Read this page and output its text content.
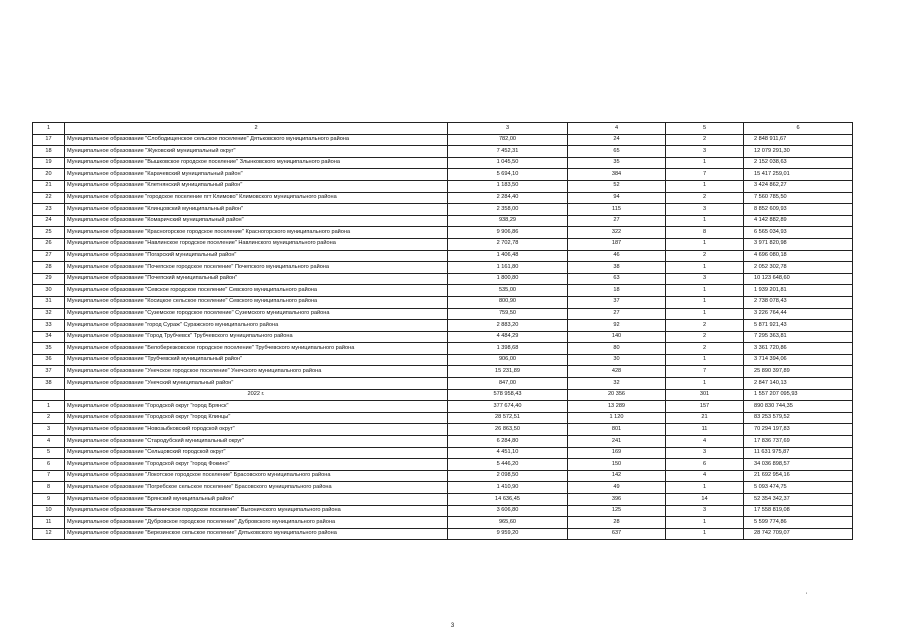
1	2	3	4	5	6
17	Муниципальное образование "Слободищенское сельское поселение" Дятьковского муниципального района	782,00	24	2	2 848 911,67
18	Муниципальное образование "Жуковский муниципальный округ"	7 452,31	65	3	12 079 291,30
19	Муниципальное образование "Вышковское городское поселение" Злынковского муниципального района	1 045,50	35	1	2 152 038,63
20	Муниципальное образование "Карачевский муниципальный район"	5 694,10	384	7	15 417 259,01
21	Муниципальное образование "Клетнянский муниципальный район"	1 183,50	52	1	3 424 862,27
22	Муниципальное образование "городское поселение пгт Климово" Климовского муниципального района	2 284,40	94	2	7 560 785,50
23	Муниципальное образование "Клинцовский муниципальный район"	2 358,00	115	3	8 852 609,93
24	Муниципальное образование "Комаричский муниципальный район"	938,29	27	1	4 142 882,89
25	Муниципальное образование "Красногорское городское поселение" Красногорского муниципального района	9 906,86	322	8	6 565 034,93
26	Муниципальное образование "Навлинское городское поселение" Навлинского муниципального района	2 702,78	187	1	3 971 820,98
27	Муниципальное образование "Погарский муниципальный район"	1 406,48	46	2	4 696 080,18
28	Муниципальное образование "Почепское городское поселение" Почепского муниципального района	1 161,80	38	1	2 052 302,78
29	Муниципальное образование "Почепский муниципальный район"	1 800,80	63	3	10 123 648,60
30	Муниципальное образование "Севское городское поселение" Севского муниципального района	535,00	18	1	1 939 201,81
31	Муниципальное образование "Косицкое сельское поселение" Севского муниципального района	800,90	37	1	2 738 078,43
32	Муниципальное образование "Суземское городское поселение" Суземского муниципального района	759,50	27	1	3 226 764,44
33	Муниципальное образование "город Сураж" Суражского муниципального района	2 883,20	92	2	5 871 921,43
34	Муниципальное образование "Город Трубчевск" Трубчевского муниципального района	4 484,29	140	2	7 295 363,81
35	Муниципальное образование "Белоберезковское городское поселение" Трубчевского муниципального района	1 398,68	80	2	3 361 720,86
36	Муниципальное образование "Трубчевский муниципальный район"	906,00	30	1	3 714 394,06
37	Муниципальное образование "Унечское городское поселение" Унечского муниципального района	15 231,89	428	7	25 890 397,89
38	Муниципальное образование "Унечский муниципальный район"	847,00	32	1	2 847 140,13
	2022 г.	578 958,43	20 356	301	1 557 207 095,93
1	Муниципальное образование "Городской округ "город Брянск"	377 674,40	13 289	157	890 830 744,35
2	Муниципальное образование "Городской округ "город Клинцы"	28 572,51	1 120	21	83 253 579,52
3	Муниципальное образование "Новозыбковский городской округ"	26 863,50	801	11	70 294 197,83
4	Муниципальное образование "Стародубский муниципальный округ"	6 284,80	241	4	17 836 737,69
5	Муниципальное образование "Сельцовский городской округ"	4 451,10	169	3	11 631 975,87
6	Муниципальное образование "Городской округ "город Фокино"	5 446,20	150	6	34 036 898,57
7	Муниципальное образование "Локотское городское поселение" Брасовского муниципального района	2 098,50	142	4	21 692 954,16
8	Муниципальное образование "Погребское сельское поселение" Брасовского муниципального района	1 410,90	49	1	5 093 474,75
9	Муниципальное образование "Брянский муниципальный район"	14 636,45	396	14	52 354 342,37
10	Муниципальное образование "Выгоничское городское поселение" Выгоничского муниципального района	3 606,80	125	3	17 558 819,08
11	Муниципальное образование "Дубровское городское поселение" Дубровского муниципального района	965,60	28	1	5 599 774,86
12	Муниципальное образование "Березинское сельское поселение" Дятьковского муниципального района	9 959,20	637	1	28 742 709,07
3
'
